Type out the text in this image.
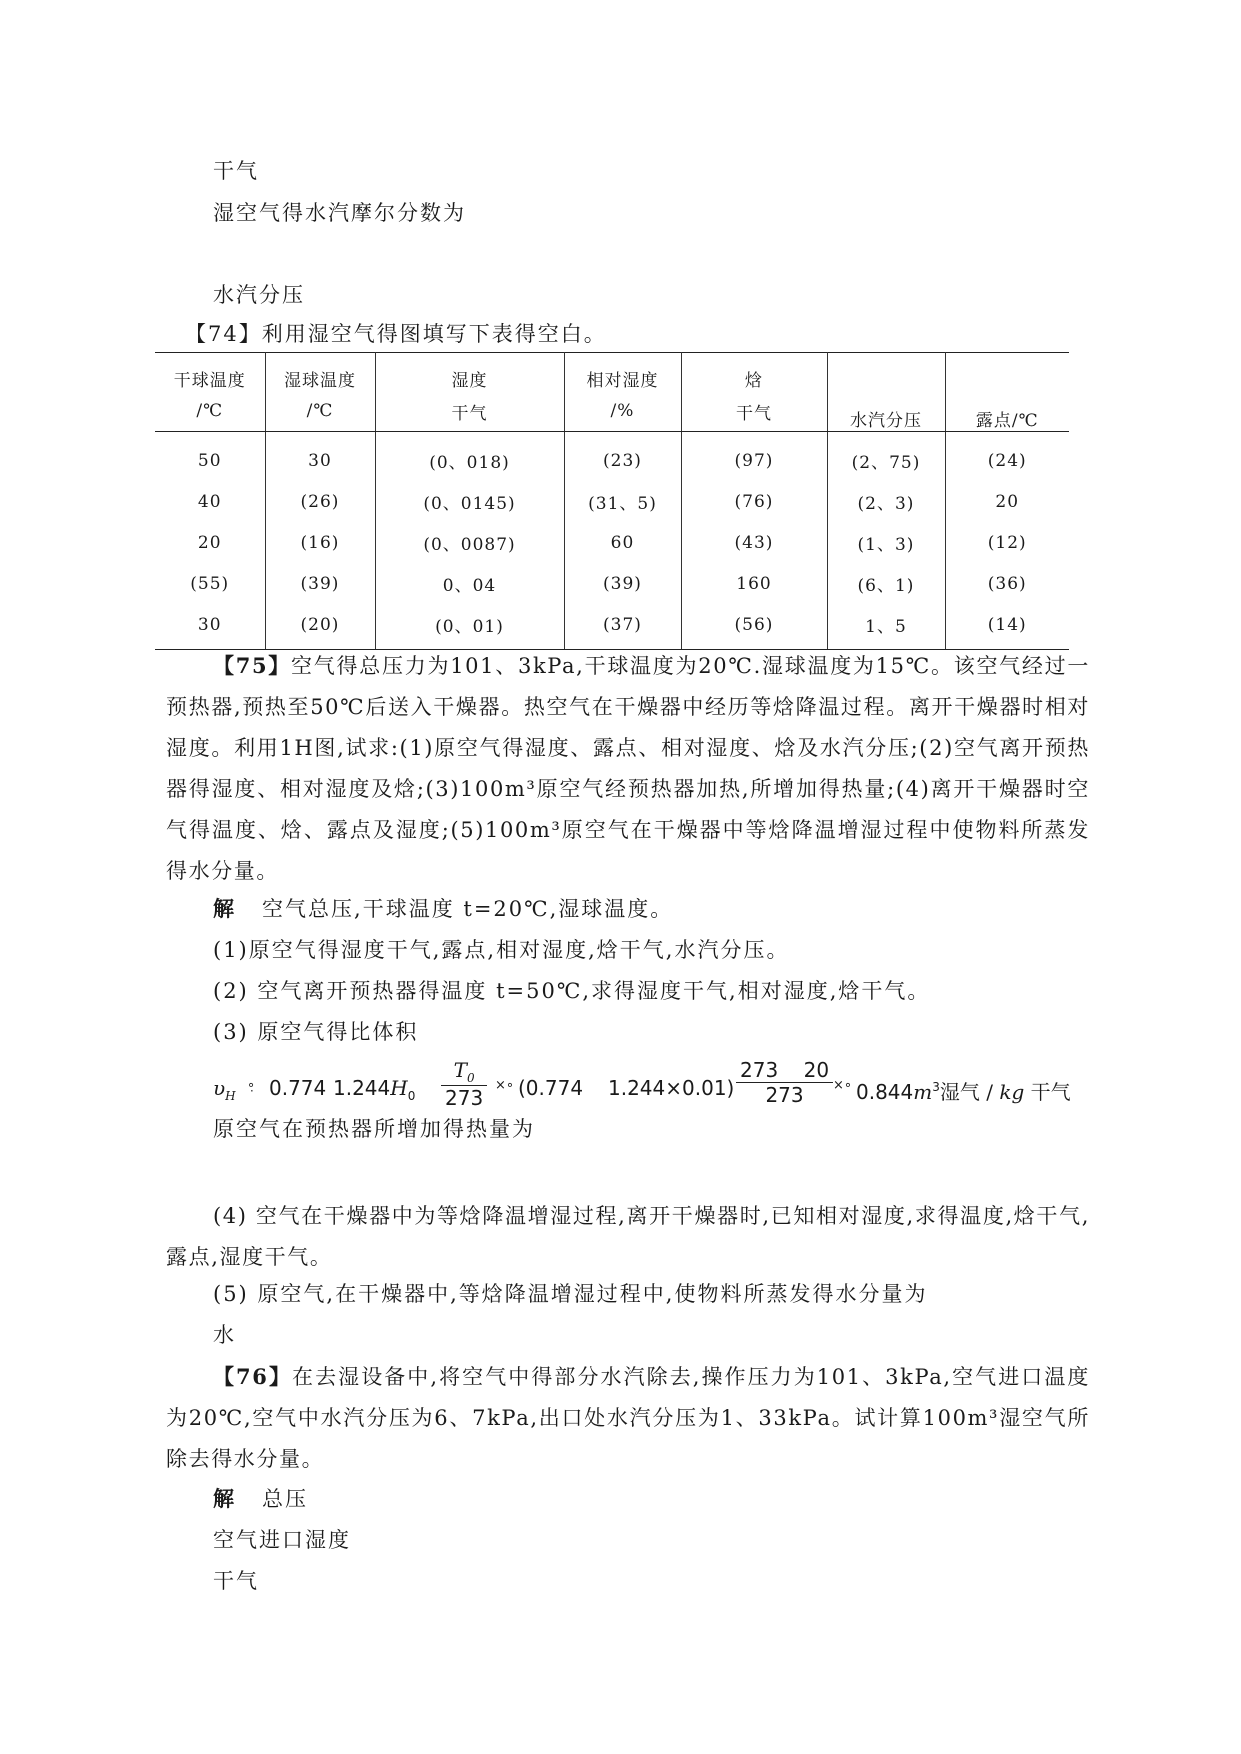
干气
湿空气得水汽摩尔分数为
水汽分压
【74】利用湿空气得图填写下表得空白。
干球温度	湿球温度	湿度	相对湿度	焓	水汽分压	露点/℃
/℃	/℃	干气	/%	干气		
50	30	(0、018)	(23)	(97)	(2、75)	(24)
40	(26)	(0、0145)	(31、5)	(76)	(2、3)	20
20	(16)	(0、0087)	60	(43)	(1、3)	(12)
(55)	(39)	0、04	(39)	160	(6、1)	(36)
30	(20)	(0、01)	(37)	(56)	1、5	(14)
【75】空气得总压力为101、3kPa,干球温度为20℃.湿球温度为15℃。该空气经过一预热器,预热至50℃后送入干燥器。热空气在干燥器中经历等焓降温过程。离开干燥器时相对湿度。利用1H图,试求:(1)原空气得湿度、露点、相对湿度、焓及水汽分压;(2)空气离开预热器得湿度、相对湿度及焓;(3)100m³原空气经预热器加热,所增加得热量;(4)离开干燥器时空气得温度、焓、露点及湿度;(5)100m³原空气在干燥器中等焓降温增湿过程中使物料所蒸发得水分量。
解 空气总压,干球温度 t=20℃,湿球温度。
(1)原空气得湿度干气,露点,相对湿度,焓干气,水汽分压。
(2) 空气离开预热器得温度 t=50℃,求得湿度干气,相对湿度,焓干气。
(3) 原空气得比体积
$\upsilon_H$
∘̣ 0.774 $1.244H_0 \frac{T_0}{273} ^{\times\circ}$ (0.774 $1.244\times 0.01) \frac{273 20}{273} ^{\times\circ}$ $0.844m^3$湿气 / kg 干气
原空气在预热器所增加得热量为
(4) 空气在干燥器中为等焓降温增湿过程,离开干燥器时,已知相对湿度,求得温度,焓干气,露点,湿度干气。
(5) 原空气,在干燥器中,等焓降温增湿过程中,使物料所蒸发得水分量为
水
【76】在去湿设备中,将空气中得部分水汽除去,操作压力为101、3kPa,空气进口温度为20℃,空气中水汽分压为6、7kPa,出口处水汽分压为1、33kPa。试计算100m³湿空气所除去得水分量。
解 总压
空气进口湿度
干气
